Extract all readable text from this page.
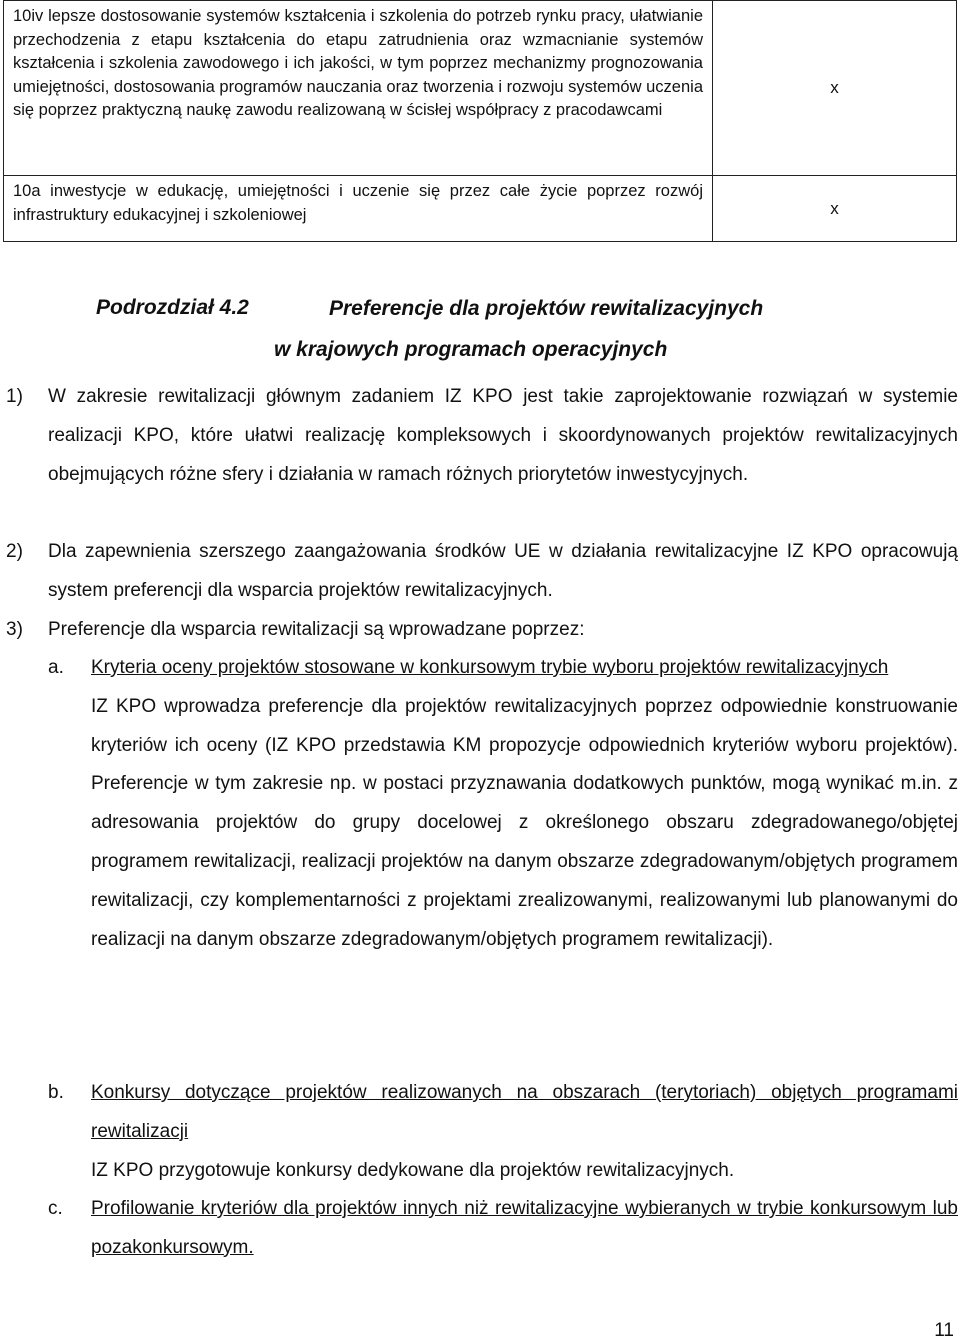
10iv lepsze dostosowanie systemów kształcenia i szkolenia do potrzeb rynku pracy, ułatwianie przechodzenia z etapu kształcenia do etapu zatrudnienia oraz wzmacnianie systemów kształcenia i szkolenia zawodowego i ich jakości, w tym poprzez mechanizmy prognozowania umiejętności, dostosowania programów nauczania oraz tworzenia i rozwoju systemów uczenia się poprzez praktyczną naukę zawodu realizowaną w ścisłej współpracy z pracodawcami	x
10a inwestycje w edukację, umiejętności i uczenie się przez całe życie poprzez rozwój infrastruktury edukacyjnej i szkoleniowej	x
Podrozdział 4.2	Preferencje dla projektów rewitalizacyjnych
w krajowych programach operacyjnych
1) W zakresie rewitalizacji głównym zadaniem IZ KPO jest takie zaprojektowanie rozwiązań w systemie realizacji KPO, które ułatwi realizację kompleksowych i skoordynowanych projektów rewitalizacyjnych obejmujących różne sfery i działania w ramach różnych priorytetów inwestycyjnych.
2) Dla zapewnienia szerszego zaangażowania środków UE w działania rewitalizacyjne IZ KPO opracowują system preferencji dla wsparcia projektów rewitalizacyjnych.
3) Preferencje dla wsparcia rewitalizacji są wprowadzane poprzez:
a. Kryteria oceny projektów stosowane w konkursowym trybie wyboru projektów rewitalizacyjnych
IZ KPO wprowadza preferencje dla projektów rewitalizacyjnych poprzez odpowiednie konstruowanie kryteriów ich oceny (IZ KPO przedstawia KM propozycje odpowiednich kryteriów wyboru projektów). Preferencje w tym zakresie np. w postaci przyznawania dodatkowych punktów, mogą wynikać m.in. z adresowania projektów do grupy docelowej z określonego obszaru zdegradowanego/objętej programem rewitalizacji, realizacji projektów na danym obszarze zdegradowanym/objętych programem rewitalizacji, czy komplementarności z projektami zrealizowanymi, realizowanymi lub planowanymi do realizacji na danym obszarze zdegradowanym/objętych programem rewitalizacji).
b. Konkursy dotyczące projektów realizowanych na obszarach (terytoriach) objętych programami rewitalizacji
IZ KPO przygotowuje konkursy dedykowane dla projektów rewitalizacyjnych.
c. Profilowanie kryteriów dla projektów innych niż rewitalizacyjne wybieranych w trybie konkursowym lub pozakonkursowym.
11
